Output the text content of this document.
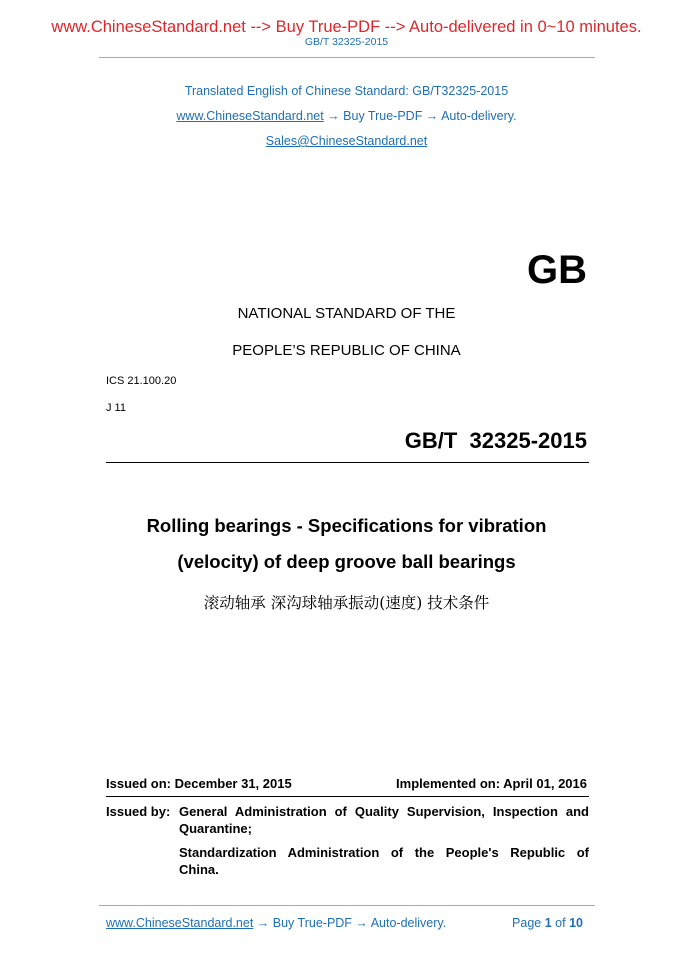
www.ChineseStandard.net --> Buy True-PDF --> Auto-delivered in 0~10 minutes.
GB/T 32325-2015
Translated English of Chinese Standard: GB/T32325-2015
www.ChineseStandard.net → Buy True-PDF → Auto-delivery.
Sales@ChineseStandard.net
GB
NATIONAL STANDARD OF THE
PEOPLE’S REPUBLIC OF CHINA
ICS 21.100.20
J 11
GB/T  32325-2015
Rolling bearings - Specifications for vibration
(velocity) of deep groove ball bearings
滚动轴承 深沟球轴承振动(速度) 技术条件
Issued on: December 31, 2015	Implemented on: April 01, 2016
Issued by: General Administration of Quality Supervision, Inspection and
Quarantine;
Standardization Administration of the People's Republic of
China.
www.ChineseStandard.net → Buy True-PDF → Auto-delivery.	Page 1 of 10
